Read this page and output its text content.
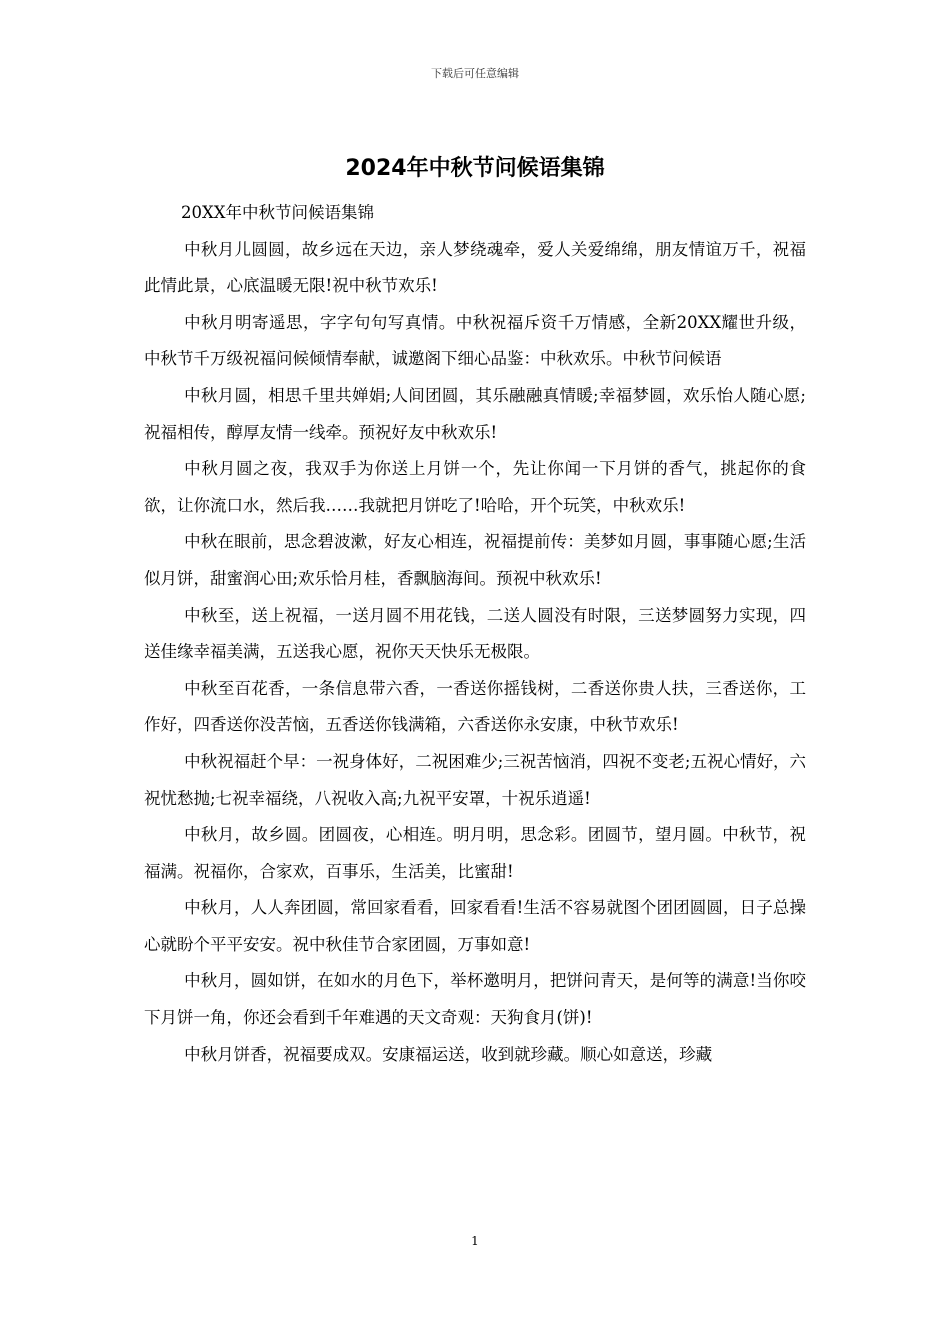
下载后可任意编辑
2024年中秋节问候语集锦

20XX年中秋节问候语集锦

中秋月儿圆圆，故乡远在天边，亲人梦绕魂牵，爱人关爱绵绵，朋友情谊万千，祝福此情此景，心底温暖无限!祝中秋节欢乐!

中秋月明寄遥思，字字句句写真情。中秋祝福斥资千万情感，全新20XX耀世升级，中秋节千万级祝福问候倾情奉献，诚邀阁下细心品鉴：中秋欢乐。中秋节问候语

中秋月圆，相思千里共婵娟;人间团圆，其乐融融真情暖;幸福梦圆，欢乐怡人随心愿;祝福相传，醇厚友情一线牵。预祝好友中秋欢乐!

中秋月圆之夜，我双手为你送上月饼一个，先让你闻一下月饼的香气，挑起你的食欲，让你流口水，然后我……我就把月饼吃了!哈哈，开个玩笑，中秋欢乐!

中秋在眼前，思念碧波漱，好友心相连，祝福提前传：美梦如月圆，事事随心愿;生活似月饼，甜蜜润心田;欢乐恰月桂，香飘脑海间。预祝中秋欢乐!

中秋至，送上祝福，一送月圆不用花钱，二送人圆没有时限，三送梦圆努力实现，四送佳缘幸福美满，五送我心愿，祝你天天快乐无极限。

中秋至百花香，一条信息带六香，一香送你摇钱树，二香送你贵人扶，三香送你，工作好，四香送你没苦恼，五香送你钱满箱，六香送你永安康，中秋节欢乐!

中秋祝福赶个早：一祝身体好，二祝困难少;三祝苦恼消，四祝不变老;五祝心情好，六祝忧愁抛;七祝幸福绕，八祝收入高;九祝平安罩，十祝乐逍遥!

中秋月，故乡圆。团圆夜，心相连。明月明，思念彩。团圆节，望月圆。中秋节，祝福满。祝福你，合家欢，百事乐，生活美，比蜜甜!

中秋月，人人奔团圆，常回家看看，回家看看!生活不容易就图个团团圆圆，日子总操心就盼个平平安安。祝中秋佳节合家团圆，万事如意!

中秋月，圆如饼，在如水的月色下，举杯邀明月，把饼问青天，是何等的满意!当你咬下月饼一角，你还会看到千年难遇的天文奇观：天狗食月(饼)!

中秋月饼香，祝福要成双。安康福运送，收到就珍藏。顺心如意送，珍藏

1
